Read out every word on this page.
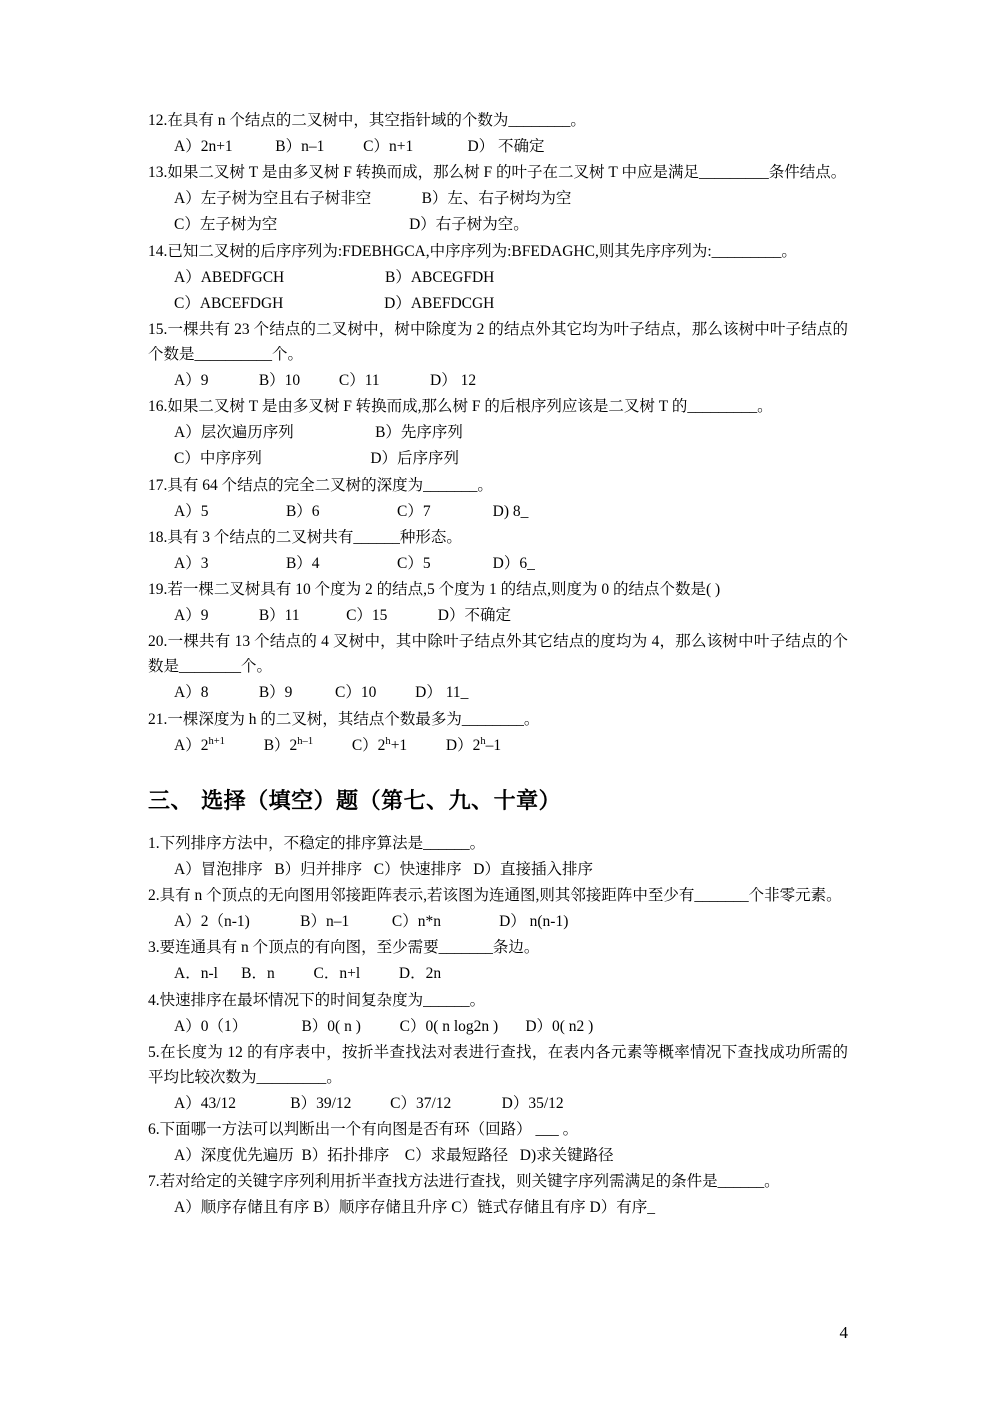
12.在具有 n 个结点的二叉树中，其空指针域的个数为________。

A）2n+1           B）n–1          C）n+1              D） 不确定

13.如果二叉树 T 是由多叉树 F 转换而成，那么树 F 的叶子在二叉树 T 中应是满足_________条件结点。

A）左子树为空且右子树非空             B）左、右子树均为空

C）左子树为空                                  D）右子树为空。

14.已知二叉树的后序序列为:FDEBHGCA,中序序列为:BFEDAGHC,则其先序序列为:_________。

A）ABEDFGCH                          B）ABCEGFDH

C）ABCEFDGH                          D）ABEFDCGH

15.一棵共有 23 个结点的二叉树中，树中除度为 2 的结点外其它均为叶子结点，那么该树中叶子结点的个数是__________个。

A）9             B）10          C）11             D） 12

16.如果二叉树 T 是由多叉树 F 转换而成,那么树 F 的后根序列应该是二叉树 T 的_________。

A）层次遍历序列                     B）先序序列

C）中序序列                            D）后序序列

17.具有 64 个结点的完全二叉树的深度为_______。

A）5                    B）6                    C）7                D) 8_

18.具有 3 个结点的二叉树共有______种形态。

A）3                    B）4                    C）5                D）6_

19.若一棵二叉树具有 10 个度为 2 的结点,5 个度为 1 的结点,则度为 0 的结点个数是( )

A）9             B）11            C）15             D）不确定

20.一棵共有 13 个结点的 4 叉树中，其中除叶子结点外其它结点的度均为 4，那么该树中叶子结点的个数是________个。

A）8             B）9           C）10          D） 11_

21.一棵深度为 h 的二叉树，其结点个数最多为________。

$A)2^{h+1}$          B）2$^{h-1}$          $C)2^h+1$          D）2$^h$–1

三、 选择（填空）题（第七、九、十章）

1.下列排序方法中，不稳定的排序算法是______。

A）冒泡排序   B）归并排序   C）快速排序   D）直接插入排序

2.具有 n 个顶点的无向图用邻接距阵表示,若该图为连通图,则其邻接距阵中至少有_______个非零元素。

A）2（n-1)             B）n–1           C）n*n               D） n(n-1)

3.要连通具有 n 个顶点的有向图，至少需要_______条边。

A．n-l      B．n          C．n+l          D．2n

4.快速排序在最坏情况下的时间复杂度为______。

A）0（1）              B）0( n )          C）0( n log2n )       D）0( n2 )

5.在长度为 12 的有序表中，按折半查找法对表进行查找，在表内各元素等概率情况下查找成功所需的平均比较次数为_________。

A）43/12              B）39/12          C）37/12             D）35/12

6.下面哪一方法可以判断出一个有向图是否有环（回路） ___ 。

A）深度优先遍历  B）拓扑排序    C）求最短路径   D)求关键路径

7.若对给定的关键字序列利用折半查找方法进行查找，则关键字序列需满足的条件是______。

A）顺序存储且有序 B）顺序存储且升序 C）链式存储且有序 D）有序_

4
